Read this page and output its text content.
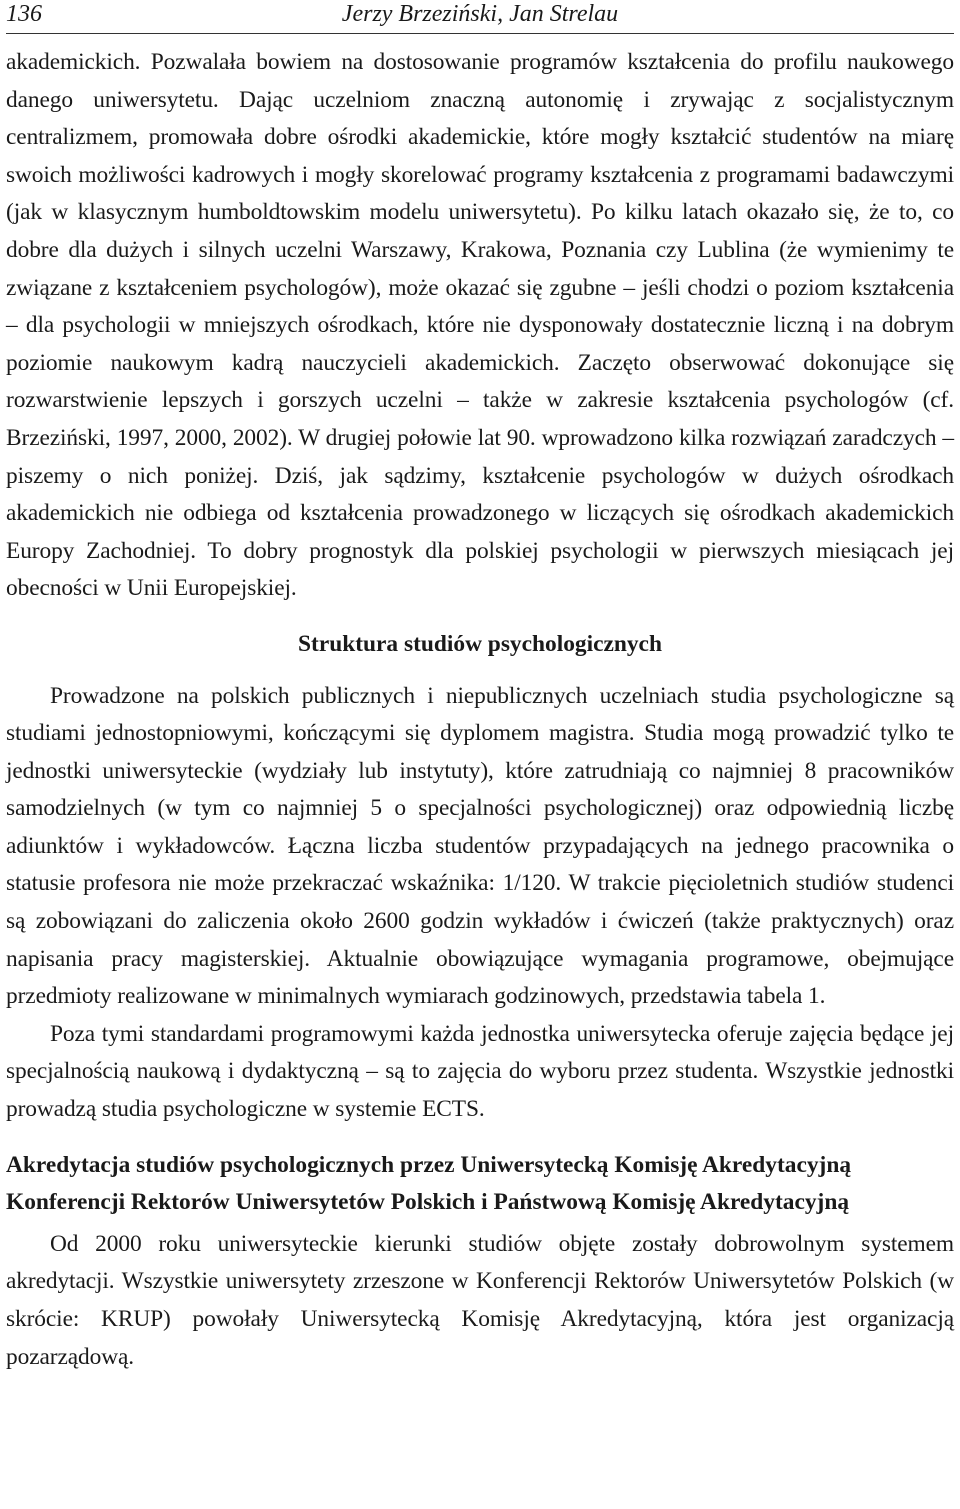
136	Jerzy Brzeziński, Jan Strelau

akademickich. Pozwalała bowiem na dostosowanie programów kształcenia do profilu naukowego danego uniwersytetu. Dając uczelniom znaczną autonomię i zrywając z socjalistycznym centralizmem, promowała dobre ośrodki akademickie, które mogły kształcić studentów na miarę swoich możliwości kadrowych i mogły skorelować programy kształcenia z programami badawczymi (jak w klasycznym humboldtowskim modelu uniwersytetu). Po kilku latach okazało się, że to, co dobre dla dużych i silnych uczelni Warszawy, Krakowa, Poznania czy Lublina (że wymienimy te związane z kształceniem psychologów), może okazać się zgubne – jeśli chodzi o poziom kształcenia – dla psychologii w mniejszych ośrodkach, które nie dysponowały dostatecznie liczną i na dobrym poziomie naukowym kadrą nauczycieli akademickich. Zaczęto obserwować dokonujące się rozwarstwienie lepszych i gorszych uczelni – także w zakresie kształcenia psychologów (cf. Brzeziński, 1997, 2000, 2002). W drugiej połowie lat 90. wprowadzono kilka rozwiązań zaradczych – piszemy o nich poniżej. Dziś, jak sądzimy, kształcenie psychologów w dużych ośrodkach akademickich nie odbiega od kształcenia prowadzonego w liczących się ośrodkach akademickich Europy Zachodniej. To dobry prognostyk dla polskiej psychologii w pierwszych miesiącach jej obecności w Unii Europejskiej.

Struktura studiów psychologicznych

Prowadzone na polskich publicznych i niepublicznych uczelniach studia psychologiczne są studiami jednostopniowymi, kończącymi się dyplomem magistra. Studia mogą prowadzić tylko te jednostki uniwersyteckie (wydziały lub instytuty), które zatrudniają co najmniej 8 pracowników samodzielnych (w tym co najmniej 5 o specjalności psychologicznej) oraz odpowiednią liczbę adiunktów i wykładowców. Łączna liczba studentów przypadających na jednego pracownika o statusie profesora nie może przekraczać wskaźnika: 1/120. W trakcie pięcioletnich studiów studenci są zobowiązani do zaliczenia około 2600 godzin wykładów i ćwiczeń (także praktycznych) oraz napisania pracy magisterskiej. Aktualnie obowiązujące wymagania programowe, obejmujące przedmioty realizowane w minimalnych wymiarach godzinowych, przedstawia tabela 1.

Poza tymi standardami programowymi każda jednostka uniwersytecka oferuje zajęcia będące jej specjalnością naukową i dydaktyczną – są to zajęcia do wyboru przez studenta. Wszystkie jednostki prowadzą studia psychologiczne w systemie ECTS.

Akredytacja studiów psychologicznych przez Uniwersytecką Komisję Akredytacyjną Konferencji Rektorów Uniwersytetów Polskich i Państwową Komisję Akredytacyjną

Od 2000 roku uniwersyteckie kierunki studiów objęte zostały dobrowolnym systemem akredytacji. Wszystkie uniwersytety zrzeszone w Konferencji Rektorów Uniwersytetów Polskich (w skrócie: KRUP) powołały Uniwersytecką Komisję Akredytacyjną, która jest organizacją pozarządową.
